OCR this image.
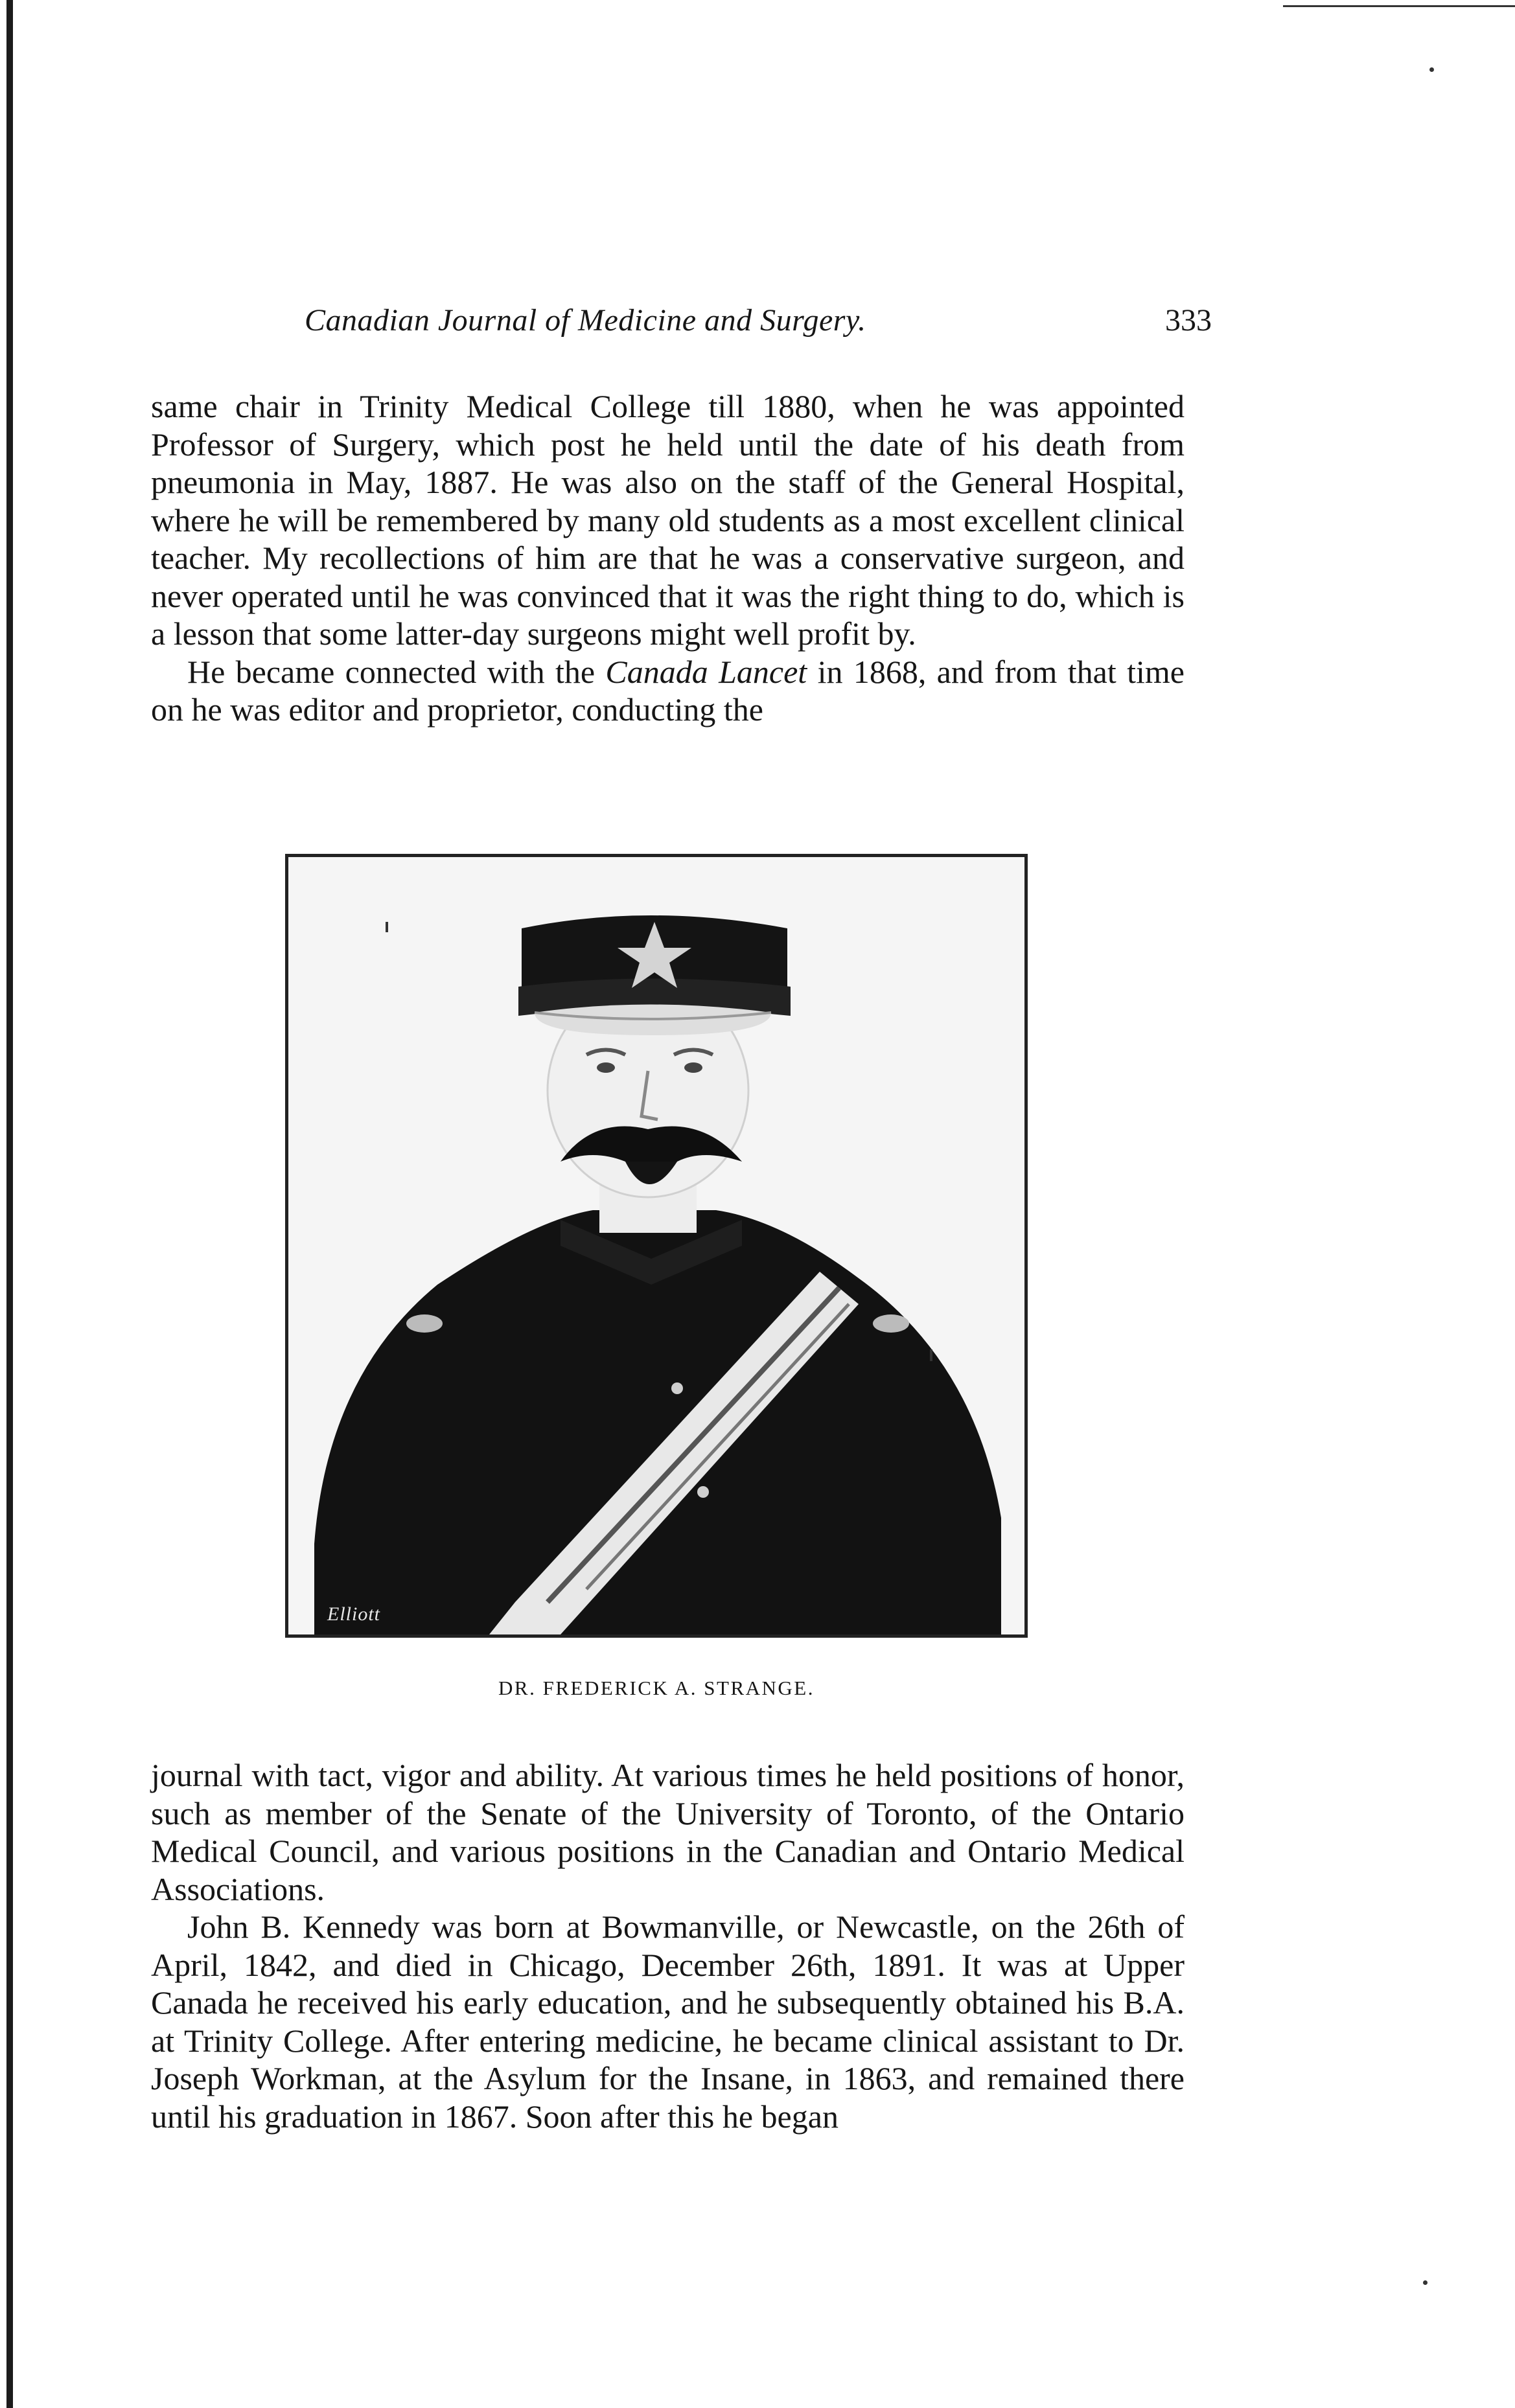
Canadian Journal of Medicine and Surgery.	333

same chair in Trinity Medical College till 1880, when he was appointed Professor of Surgery, which post he held until the date of his death from pneumonia in May, 1887. He was also on the staff of the General Hospital, where he will be remembered by many old students as a most excellent clinical teacher. My recollections of him are that he was a conservative surgeon, and never operated until he was convinced that it was the right thing to do, which is a lesson that some latter-day surgeons might well profit by.

He became connected with the Canada Lancet in 1868, and from that time on he was editor and proprietor, conducting the

Elliott
DR. FREDERICK A. STRANGE.

journal with tact, vigor and ability. At various times he held positions of honor, such as member of the Senate of the University of Toronto, of the Ontario Medical Council, and various positions in the Canadian and Ontario Medical Associations.

John B. Kennedy was born at Bowmanville, or Newcastle, on the 26th of April, 1842, and died in Chicago, December 26th, 1891. It was at Upper Canada he received his early education, and he subsequently obtained his B.A. at Trinity College. After entering medicine, he became clinical assistant to Dr. Joseph Workman, at the Asylum for the Insane, in 1863, and remained there until his graduation in 1867. Soon after this he began
